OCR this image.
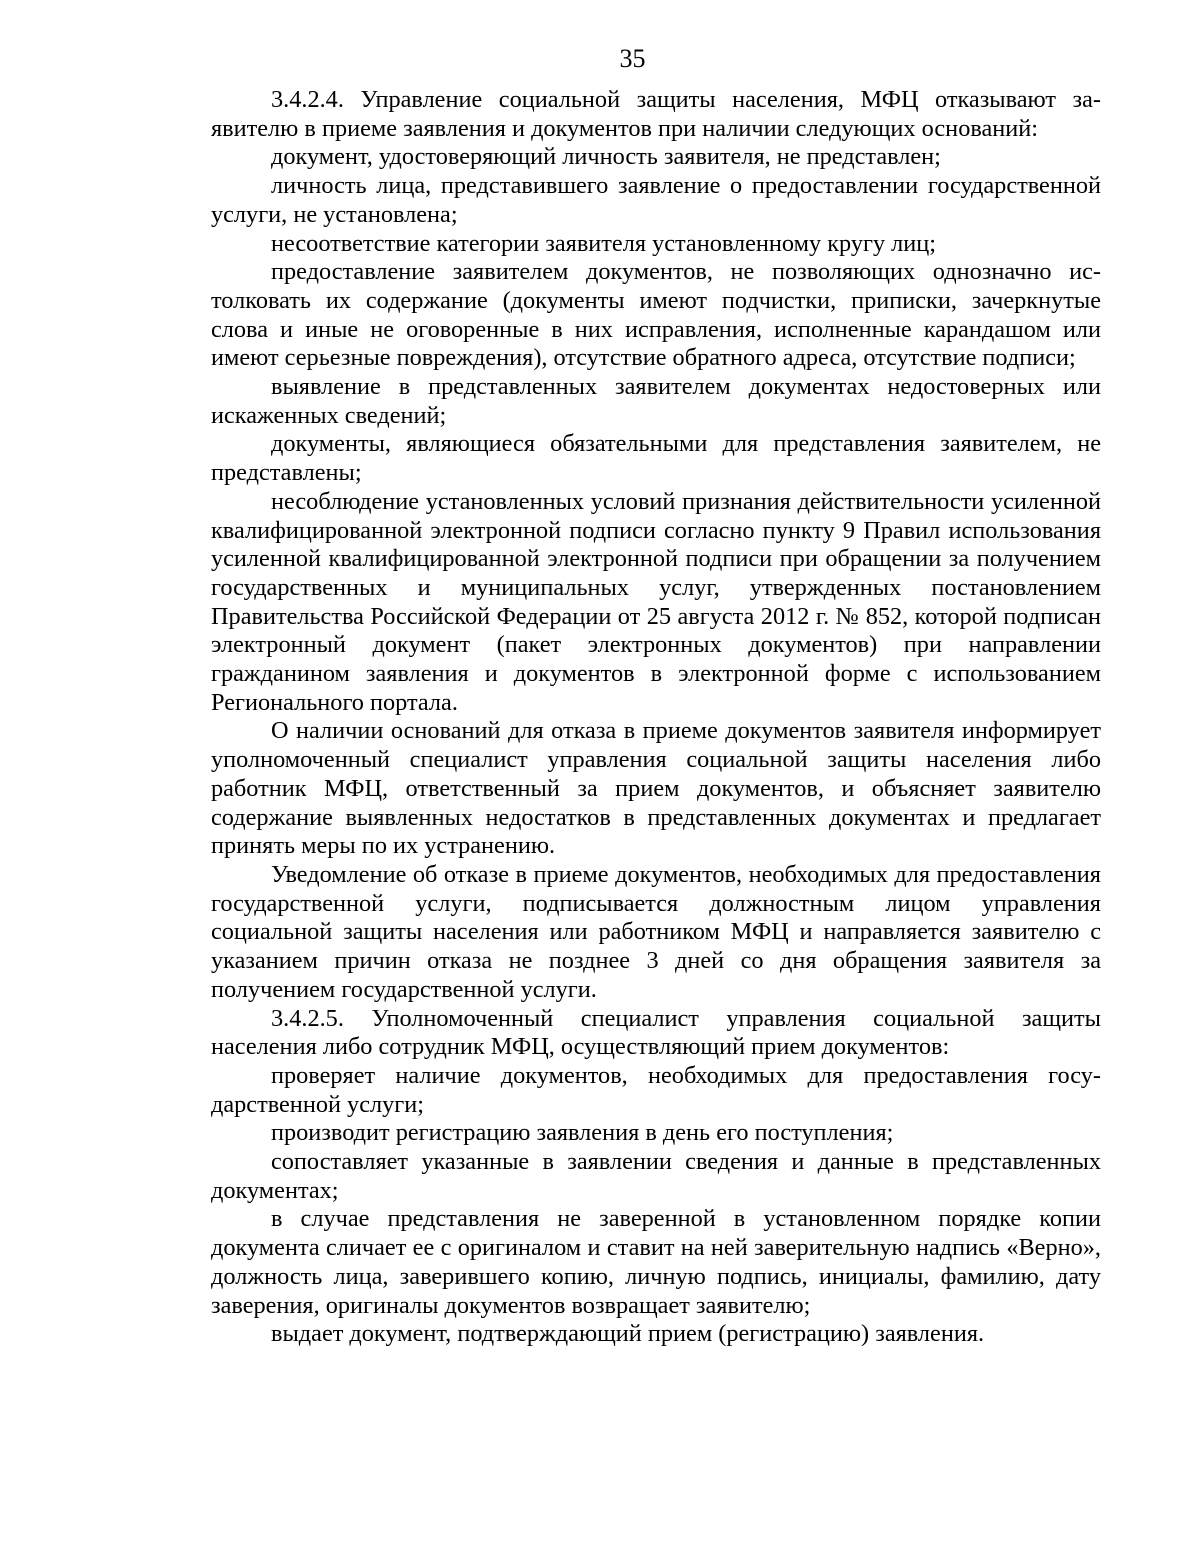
35

3.4.2.4. Управление социальной защиты населения, МФЦ отказывают заявителю в приеме заявления и документов при наличии следующих оснований:

документ, удостоверяющий личность заявителя, не представлен;

личность лица, представившего заявление о предоставлении государственной услуги, не установлена;

несоответствие категории заявителя установленному кругу лиц;

предоставление заявителем документов, не позволяющих однозначно истолковать их содержание (документы имеют подчистки, приписки, зачеркнутые слова и иные не оговоренные в них исправления, исполненные карандашом или имеют серьезные повреждения), отсутствие обратного адреса, отсутствие подписи;

выявление в представленных заявителем документах недостоверных или искаженных сведений;

документы, являющиеся обязательными для представления заявителем, не представлены;

несоблюдение установленных условий признания действительности усиленной квалифицированной электронной подписи согласно пункту 9 Правил использования усиленной квалифицированной электронной подписи при обращении за получением государственных и муниципальных услуг, утвержденных постановлением Правительства Российской Федерации от 25 августа 2012 г. № 852, которой подписан электронный документ (пакет электронных документов) при направлении гражданином заявления и документов в электронной форме с использованием Регионального портала.

О наличии оснований для отказа в приеме документов заявителя информирует уполномоченный специалист управления социальной защиты населения либо работник МФЦ, ответственный за прием документов, и объясняет заявителю содержание выявленных недостатков в представленных документах и предлагает принять меры по их устранению.

Уведомление об отказе в приеме документов, необходимых для предоставления государственной услуги, подписывается должностным лицом управления социальной защиты населения или работником МФЦ и направляется заявителю с указанием причин отказа не позднее 3 дней со дня обращения заявителя за получением государственной услуги.

3.4.2.5. Уполномоченный специалист управления социальной защиты населения либо сотрудник МФЦ, осуществляющий прием документов:

проверяет наличие документов, необходимых для предоставления государственной услуги;

производит регистрацию заявления в день его поступления;

сопоставляет указанные в заявлении сведения и данные в представленных документах;

в случае представления не заверенной в установленном порядке копии документа сличает ее с оригиналом и ставит на ней заверительную надпись «Верно», должность лица, заверившего копию, личную подпись, инициалы, фамилию, дату заверения, оригиналы документов возвращает заявителю;

выдает документ, подтверждающий прием (регистрацию) заявления.
